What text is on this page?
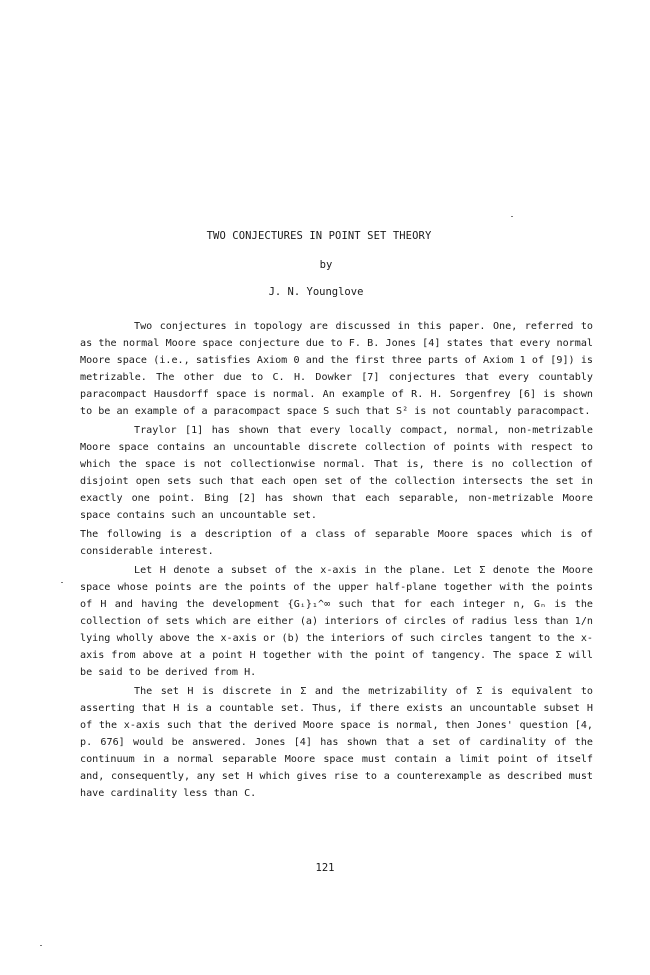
TWO CONJECTURES IN POINT SET THEORY
by
J. N. Younglove

Two conjectures in topology are discussed in this paper. One, referred to as the normal Moore space conjecture due to F. B. Jones [4] states that every normal Moore space (i.e., satisfies Axiom 0 and the first three parts of Axiom 1 of [9]) is metrizable. The other due to C. H. Dowker [7] conjectures that every countably paracompact Hausdorff space is normal. An example of R. H. Sorgenfrey [6] is shown to be an example of a paracompact space S such that S² is not countably paracompact.

Traylor [1] has shown that every locally compact, normal, non-metrizable Moore space contains an uncountable discrete collection of points with respect to which the space is not collectionwise normal. That is, there is no collection of disjoint open sets such that each open set of the collection intersects the set in exactly one point. Bing [2] has shown that each separable, non-metrizable Moore space contains such an uncountable set.

The following is a description of a class of separable Moore spaces which is of considerable interest.

Let H denote a subset of the x-axis in the plane. Let Σ denote the Moore space whose points are the points of the upper half-plane together with the points of H and having the development {Gᵢ}₁^∞ such that for each integer n, Gₙ is the collection of sets which are either (a) interiors of circles of radius less than 1/n lying wholly above the x-axis or (b) the interiors of such circles tangent to the x-axis from above at a point H together with the point of tangency. The space Σ will be said to be derived from H.

The set H is discrete in Σ and the metrizability of Σ is equivalent to asserting that H is a countable set. Thus, if there exists an uncountable subset H of the x-axis such that the derived Moore space is normal, then Jones' question [4, p. 676] would be answered. Jones [4] has shown that a set of cardinality of the continuum in a normal separable Moore space must contain a limit point of itself and, consequently, any set H which gives rise to a counterexample as described must have cardinality less than C.

121
